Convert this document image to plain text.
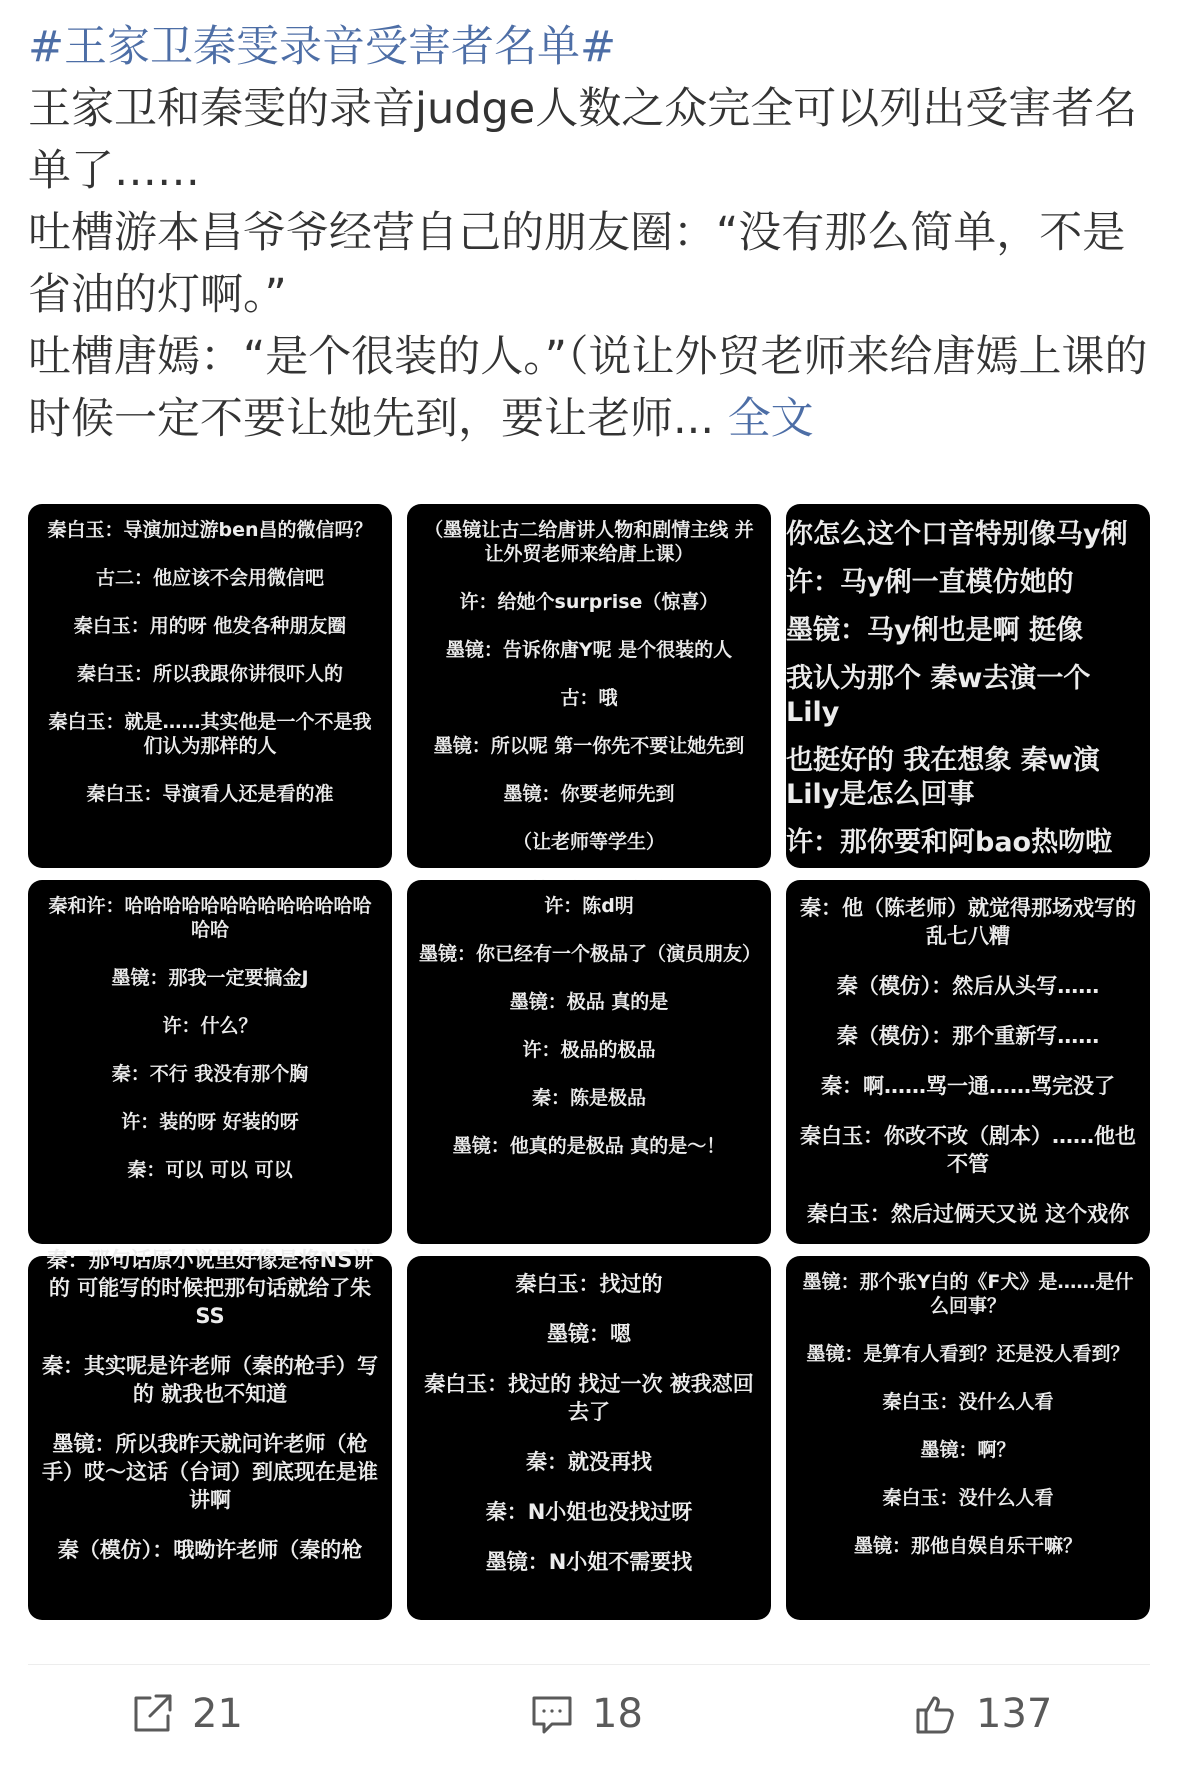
#王家卫秦雯录音受害者名单#

王家卫和秦雯的录音judge人数之众完全可以列出受害者名单了……

吐槽游本昌爷爷经营自己的朋友圈：“没有那么简单，不是省油的灯啊。”

吐槽唐嫣：“是个很装的人。”（说让外贸老师来给唐嫣上课的时候一定不要让她先到，要让老师... 全文

秦白玉：导演加过游ben昌的微信吗？
古二：他应该不会用微信吧
秦白玉：用的呀 他发各种朋友圈
秦白玉：所以我跟你讲很吓人的
秦白玉：就是……其实他是一个不是我们认为那样的人
秦白玉：导演看人还是看的准
（墨镜让古二给唐讲人物和剧情主线 并让外贸老师来给唐上课）
许：给她个surprise（惊喜）
墨镜：告诉你唐Y呢 是个很装的人
古：哦
墨镜：所以呢 第一你先不要让她先到
墨镜：你要老师先到
（让老师等学生）
你怎么这个口音特别像马y俐
许：马y俐一直模仿她的
墨镜：马y俐也是啊 挺像
我认为那个 秦w去演一个Lily
也挺好的 我在想象 秦w演Lily是怎么回事
许：那你要和阿bao热吻啦
秦和许：哈哈哈哈哈哈哈哈哈哈哈哈哈哈哈
墨镜：那我一定要搞金J
许：什么？
秦：不行 我没有那个胸
许：装的呀 好装的呀
秦：可以 可以 可以
许：陈d明
墨镜：你已经有一个极品了（演员朋友）
墨镜：极品 真的是
许：极品的极品
秦：陈是极品
墨镜：他真的是极品 真的是～！
秦：他（陈老师）就觉得那场戏写的乱七八糟
秦（模仿）：然后从头写……
秦（模仿）：那个重新写……
秦：啊……骂一通……骂完没了
秦白玉：你改不改（剧本）……他也不管
秦白玉：然后过俩天又说 这个戏你
秦：那句话原小说里好像是将NS讲的 可能写的时候把那句话就给了朱SS
秦：其实呢是许老师（秦的枪手）写的 就我也不知道
墨镜：所以我昨天就问许老师（枪手）哎～这话（台词）到底现在是谁讲啊
秦（模仿）：哦呦许老师（秦的枪
秦白玉：找过的
墨镜：嗯
秦白玉：找过的 找过一次 被我怼回去了
秦：就没再找
秦：N小姐也没找过呀
墨镜：N小姐不需要找
墨镜：那个张Y白的《F犬》是……是什么回事？
墨镜：是算有人看到？还是没人看到？
秦白玉：没什么人看
墨镜：啊？
秦白玉：没什么人看
墨镜：那他自娱自乐干嘛？
21	18	137
